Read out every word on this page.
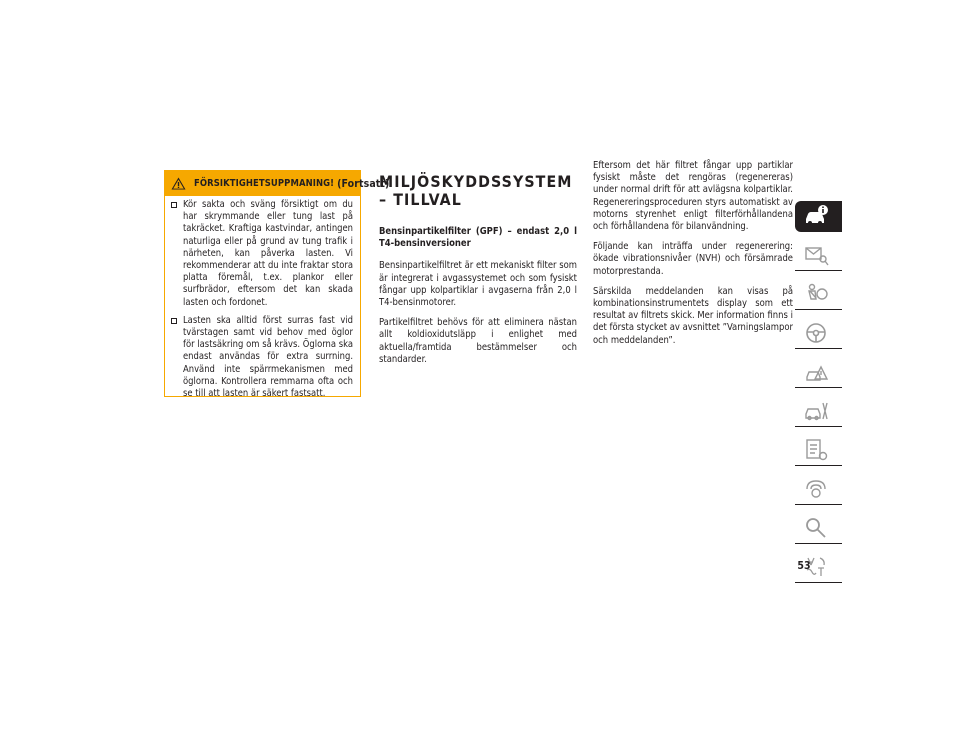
FÖRSIKTIGHETSUPPMANING! (Fortsatt)
Kör sakta och sväng försiktigt om du har skrymmande eller tung last på takräcket. Kraftiga kastvindar, antingen naturliga eller på grund av tung trafik i närheten, kan påverka lasten. Vi rekommenderar att du inte fraktar stora platta föremål, t.ex. plankor eller surfbrädor, eftersom det kan skada lasten och fordonet.
Lasten ska alltid först surras fast vid tvärstagen samt vid behov med öglor för lastsäkring om så krävs. Öglorna ska endast användas för extra surrning. Använd inte spärrmekanismen med öglorna. Kontrollera remmarna ofta och se till att lasten är säkert fastsatt.
MILJÖSKYDDSSYSTEM – TILLVAL

Bensinpartikelfilter (GPF) – endast 2,0 l T4-bensinversioner

Bensinpartikelfiltret är ett mekaniskt filter som är integrerat i avgassystemet och som fysiskt fångar upp kolpartiklar i avgaserna från 2,0 l T4-bensinmotorer.

Partikelfiltret behövs för att eliminera nästan allt koldioxidutsläpp i enlighet med aktuella/framtida bestämmelser och standarder.

Eftersom det här filtret fångar upp partiklar fysiskt måste det rengöras (regenereras) under normal drift för att avlägsna kolpartiklar. Regenereringsproceduren styrs automatiskt av motorns styrenhet enligt filterförhållandena och förhållandena för bilanvändning.

Följande kan inträffa under regenerering: ökade vibrationsnivåer (NVH) och försämrade motorprestanda.

Särskilda meddelanden kan visas på kombinationsinstrumentets display som ett resultat av filtrets skick. Mer information finns i det första stycket av avsnittet ”Varningslampor och meddelanden”.

53
